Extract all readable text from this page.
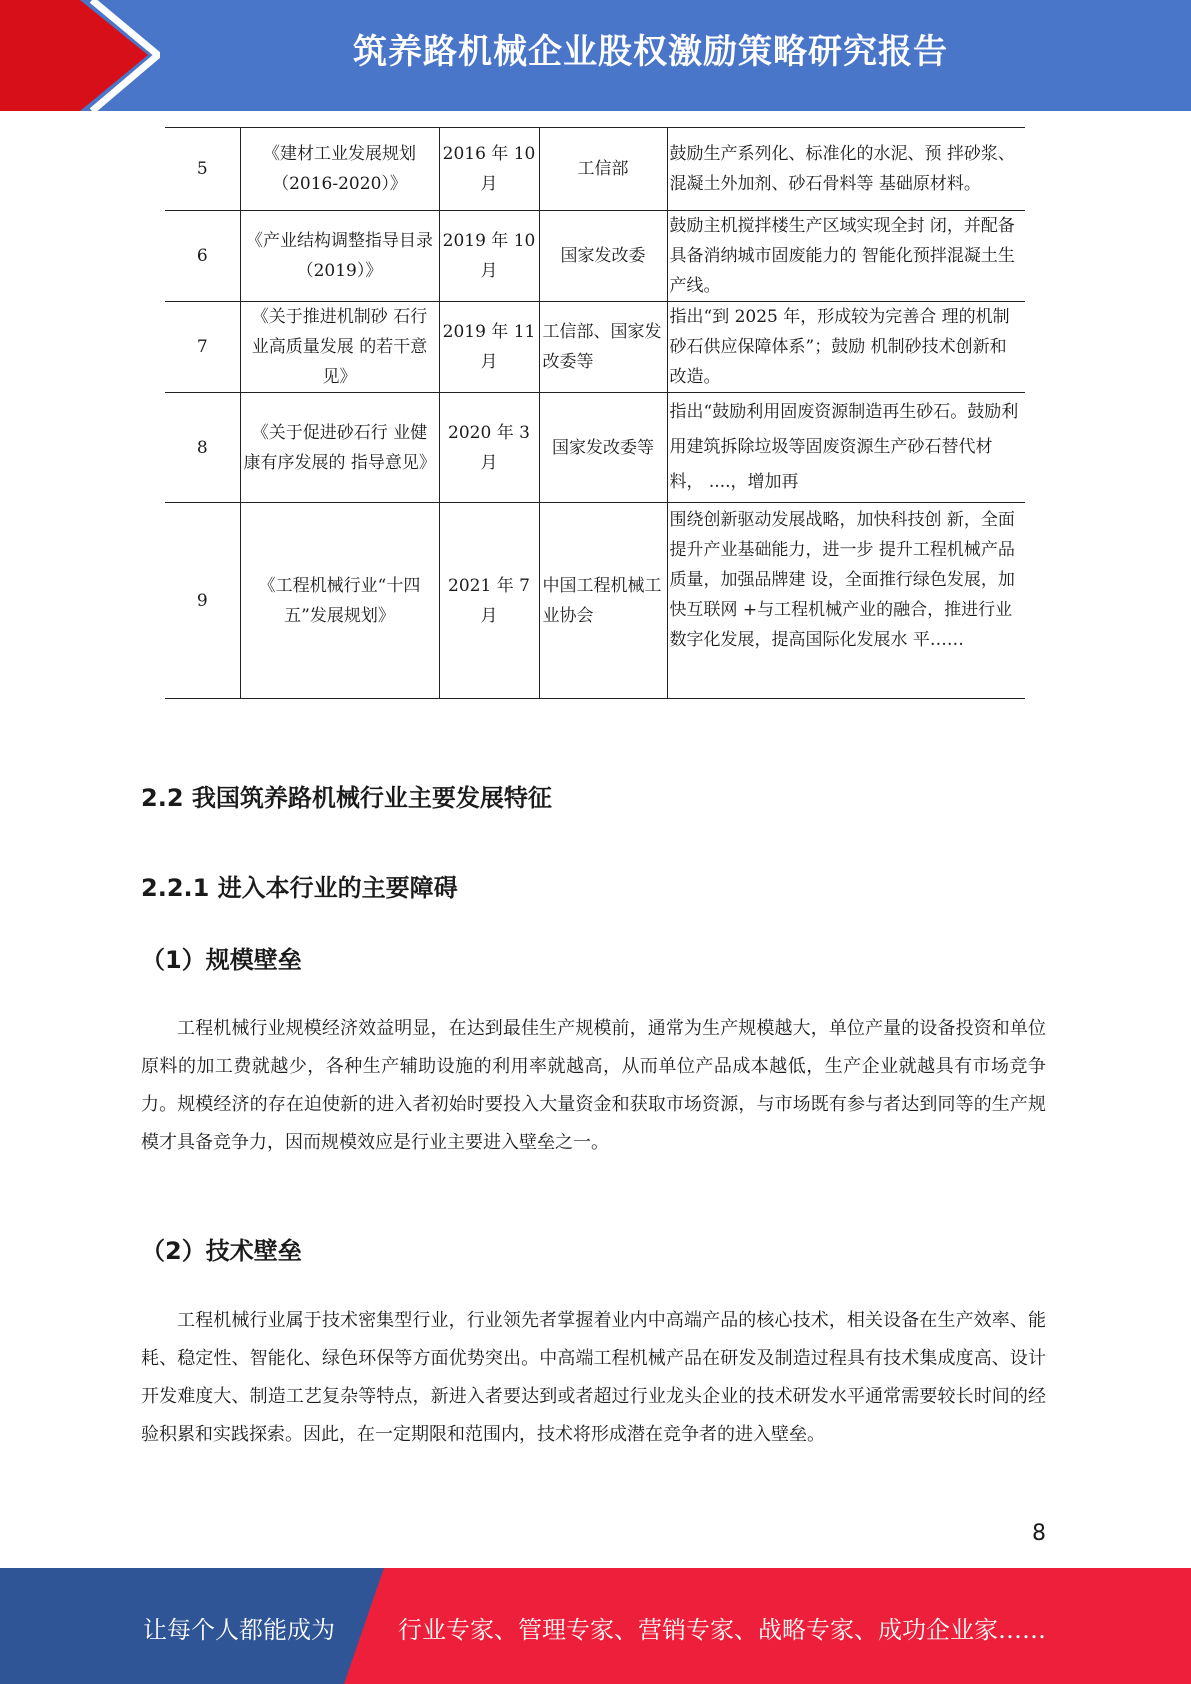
筑养路机械企业股权激励策略研究报告
5	《建材工业发展规划（2016-2020）》	2016 年 10 月	工信部	鼓励生产系列化、标准化的水泥、预 拌砂浆、混凝土外加剂、砂石骨料等 基础原材料。
6	《产业结构调整指导目录（2019）》	2019 年 10 月	国家发改委	鼓励主机搅拌楼生产区域实现全封 闭，并配备具备消纳城市固废能力的 智能化预拌混凝土生产线。
7	《关于推进机制砂 石行业高质量发展 的若干意见》	2019 年 11 月	工信部、国家发改委等	指出“到 2025 年，形成较为完善合 理的机制砂石供应保障体系”；鼓励 机制砂技术创新和改造。
8	《关于促进砂石行 业健康有序发展的 指导意见》	2020 年 3 月	国家发改委等	指出“鼓励利用固废资源制造再生砂石。鼓励利用建筑拆除垃圾等固废资源生产砂石替代材料， ....，增加再
9	《工程机械行业“十四五”发展规划》	2021 年 7 月	中国工程机械工业协会	围绕创新驱动发展战略，加快科技创 新，全面提升产业基础能力，进一步 提升工程机械产品质量，加强品牌建 设，全面推行绿色发展，加快互联网 +与工程机械产业的融合，推进行业 数字化发展，提高国际化发展水 平……
2.2 我国筑养路机械行业主要发展特征
2.2.1 进入本行业的主要障碍
（1）规模壁垒

工程机械行业规模经济效益明显，在达到最佳生产规模前，通常为生产规模越大，单位产量的设备投资和单位原料的加工费就越少，各种生产辅助设施的利用率就越高，从而单位产品成本越低，生产企业就越具有市场竞争力。规模经济的存在迫使新的进入者初始时要投入大量资金和获取市场资源，与市场既有参与者达到同等的生产规模才具备竞争力，因而规模效应是行业主要进入壁垒之一。

（2）技术壁垒

工程机械行业属于技术密集型行业，行业领先者掌握着业内中高端产品的核心技术，相关设备在生产效率、能耗、稳定性、智能化、绿色环保等方面优势突出。中高端工程机械产品在研发及制造过程具有技术集成度高、设计开发难度大、制造工艺复杂等特点，新进入者要达到或者超过行业龙头企业的技术研发水平通常需要较长时间的经验积累和实践探索。因此，在一定期限和范围内，技术将形成潜在竞争者的进入壁垒。

8
让每个人都能成为	行业专家、管理专家、营销专家、战略专家、成功企业家……
